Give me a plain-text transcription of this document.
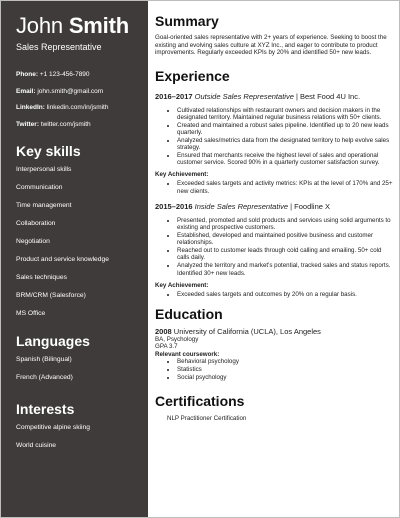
John Smith
Sales Representative
Phone: +1 123-456-7890
Email: john.smith@gmail.com
LinkedIn: linkedin.com/in/jsmith
Twitter: twitter.com/jsmith
Key skills
Interpersonal skills
Communication
Time management
Collaboration
Negotiation
Product and service knowledge
Sales techniques
BRM/CRM (Salesforce)
MS Office
Languages
Spanish (Bilingual)
French (Advanced)
Interests
Competitive alpine skiing
World cuisine
Summary
Goal-oriented sales representative with 2+ years of experience. Seeking to boost the existing and evolving sales culture at XYZ Inc., and eager to contribute to product improvements. Regularly exceeded KPIs by 20% and identified 50+ new leads.
Experience
2016–2017 Outside Sales Representative | Best Food 4U Inc.
• Cultivated relationships with restaurant owners and decision makers in the designated territory. Maintained regular business relations with 50+ clients.
• Created and maintained a robust sales pipeline. Identified up to 20 new leads quarterly.
• Analyzed sales/metrics data from the designated territory to help evolve sales strategy.
• Ensured that merchants receive the highest level of sales and operational customer service. Scored 90% in a quarterly customer satisfaction survey.
Key Achievement:
• Exceeded sales targets and activity metrics: KPIs at the level of 170% and 25+ new clients.
2015–2016 Inside Sales Representative | Foodline X
• Presented, promoted and sold products and services using solid arguments to existing and prospective customers.
• Established, developed and maintained positive business and customer relationships.
• Reached out to customer leads through cold calling and emailing. 50+ cold calls daily.
• Analyzed the territory and market's potential, tracked sales and status reports. Identified 30+ new leads.
Key Achievement:
• Exceeded sales targets and outcomes by 20% on a regular basis.
Education
2008 University of California (UCLA), Los Angeles
BA, Psychology
GPA 3.7
Relevant coursework:
• Behavioral psychology
• Statistics
• Social psychology
Certifications
NLP Practitioner Certification
